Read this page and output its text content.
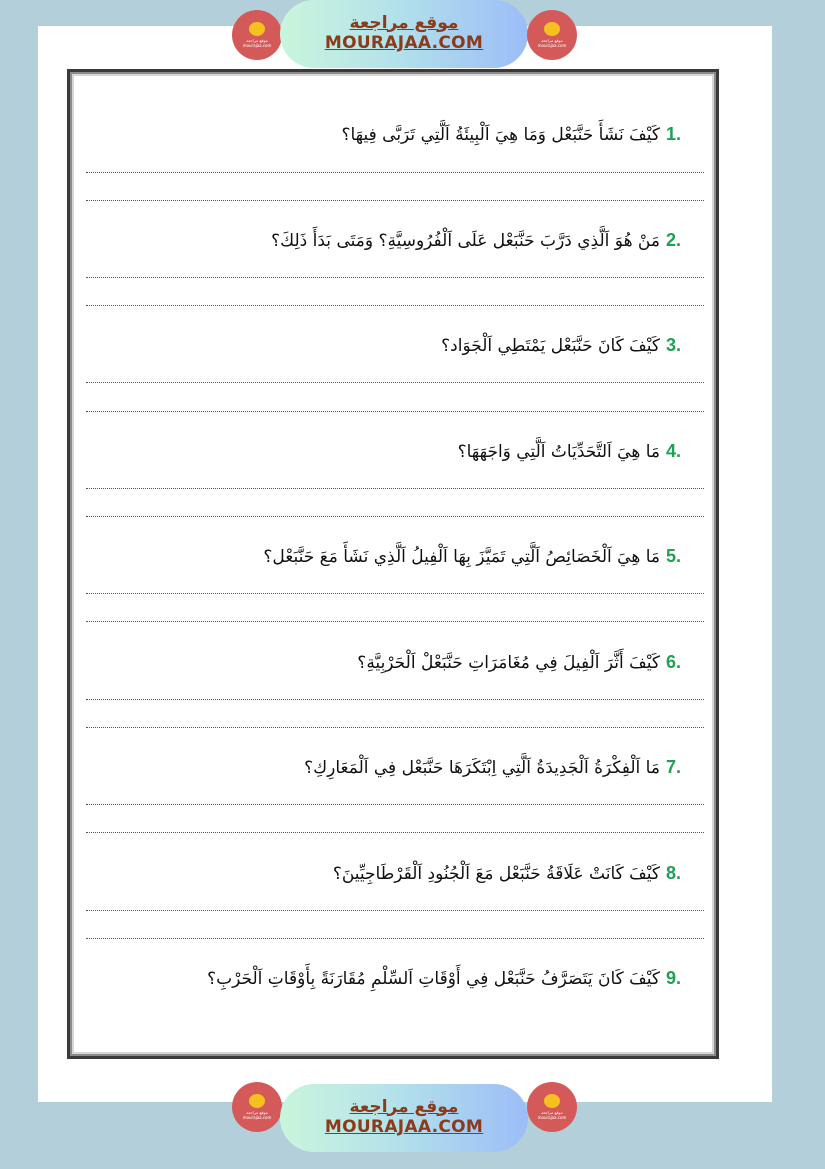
موقع مراجعة
mourajaa.com
موقع مراجعة
MOURAJAA.COM	موقع مراجعة
mourajaa.com
1.
كَيْفَ نَشَأَ حَنَّبَعْل وَمَا هِيَ اَلْبِيئَةُ اَلَّتِي تَرَبَّى فِيهَا؟
2.
مَنْ هُوَ اَلَّذِي دَرَّبَ حَنَّبَعْل عَلَى اَلْفُرُوسِيَّةِ؟ وَمَتَى بَدَأَ ذَلِكَ؟
3.
كَيْفَ كَانَ حَنَّبَعْل يَمْتَطِي اَلْجَوَاد؟
4.
مَا هِيَ اَلتَّحَدِّيَاتُ اَلَّتِي وَاجَهَهَا؟
5.
مَا هِيَ اَلْخَصَائِصُ اَلَّتِي تَمَيَّزَ بِهَا اَلْفِيلُ اَلَّذِي نَشَأَ مَعَ حَنَّبَعْل؟
6.
كَيْفَ أَثَّرَ اَلْفِيلَ فِي مُغَامَرَاتِ حَنَّبَعْلْ اَلْحَرْبِيَّةِ؟
7.
مَا اَلْفِكْرَةُ اَلْجَدِيدَةُ اَلَّتِي اِبْتَكَرَهَا حَنَّبَعْل فِي اَلْمَعَارِكِ؟
8.
كَيْفَ كَانَتْ عَلَاقَةُ حَنَّبَعْل مَعَ اَلْجُنُودِ اَلْقَرْطَاجِيِّينَ؟
9.
كَيْفَ كَانَ يَتَصَرَّفُ حَنَّبَعْل فِي أَوْقَاتِ اَلسِّلْمِ مُقَارَنَةً بِأَوْقَاتِ اَلْحَرْبِ؟
موقع مراجعة
mourajaa.com
موقع مراجعة
MOURAJAA.COM
موقع مراجعة
mourajaa.com
